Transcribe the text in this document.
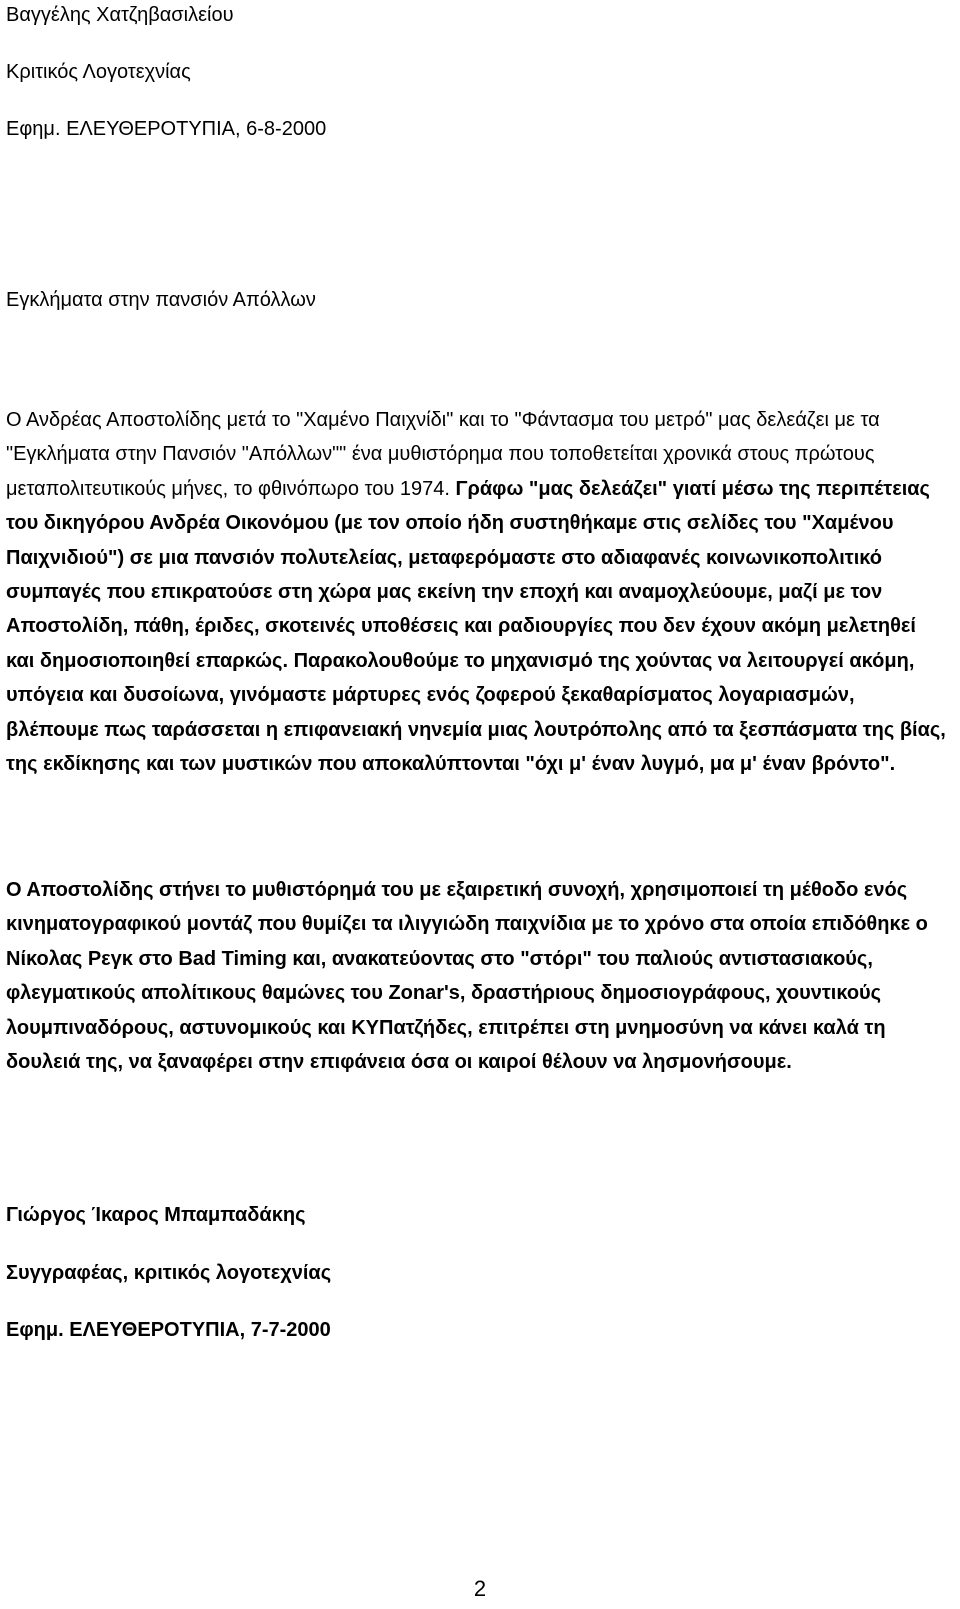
Βαγγέλης Χατζηβασιλείου
Κριτικός Λογοτεχνίας
Εφημ. ΕΛΕΥΘΕΡΟΤΥΠΙΑ, 6-8-2000
Εγκλήματα στην πανσιόν Απόλλων
Ο Ανδρέας Αποστολίδης μετά το "Χαμένο Παιχνίδι" και το "Φάντασμα του μετρό" μας δελεάζει με τα "Εγκλήματα στην Πανσιόν "Απόλλων"" ένα μυθιστόρημα που τοποθετείται χρονικά στους πρώτους μεταπολιτευτικούς μήνες, το φθινόπωρο του 1974. Γράφω "μας δελεάζει" γιατί μέσω της περιπέτειας του δικηγόρου Ανδρέα Οικονόμου (με τον οποίο ήδη συστηθήκαμε στις σελίδες του "Χαμένου Παιχνιδιού") σε μια πανσιόν πολυτελείας, μεταφερόμαστε στο αδιαφανές κοινωνικοπολιτικό συμπαγές που επικρατούσε στη χώρα μας εκείνη την εποχή και αναμοχλεύουμε, μαζί με τον Αποστολίδη, πάθη, έριδες, σκοτεινές υποθέσεις και ραδιουργίες που δεν έχουν ακόμη μελετηθεί και δημοσιοποιηθεί επαρκώς. Παρακολουθούμε το μηχανισμό της χούντας να λειτουργεί ακόμη, υπόγεια και δυσοίωνα, γινόμαστε μάρτυρες ενός ζοφερού ξεκαθαρίσματος λογαριασμών, βλέπουμε πως ταράσσεται η επιφανειακή νηνεμία μιας λουτρόπολης από τα ξεσπάσματα της βίας, της εκδίκησης και των μυστικών που αποκαλύπτονται "όχι μ' έναν λυγμό, μα μ' έναν βρόντο".
Ο Αποστολίδης στήνει το μυθιστόρημά του με εξαιρετική συνοχή, χρησιμοποιεί τη μέθοδο ενός κινηματογραφικού μοντάζ που θυμίζει τα ιλιγγιώδη παιχνίδια με το χρόνο στα οποία επιδόθηκε ο Νίκολας Ρεγκ στο Bad Timing και, ανακατεύοντας στο "στόρι" του παλιούς αντιστασιακούς, φλεγματικούς απολίτικους θαμώνες του Zonar's, δραστήριους δημοσιογράφους, χουντικούς λουμπιναδόρους, αστυνομικούς και ΚΥΠατζήδες, επιτρέπει στη μνημοσύνη να κάνει καλά τη δουλειά της, να ξαναφέρει στην επιφάνεια όσα οι καιροί θέλουν να λησμονήσουμε.
Γιώργος Ίκαρος Μπαμπαδάκης
Συγγραφέας, κριτικός λογοτεχνίας
Εφημ. ΕΛΕΥΘΕΡΟΤΥΠΙΑ, 7-7-2000
2
